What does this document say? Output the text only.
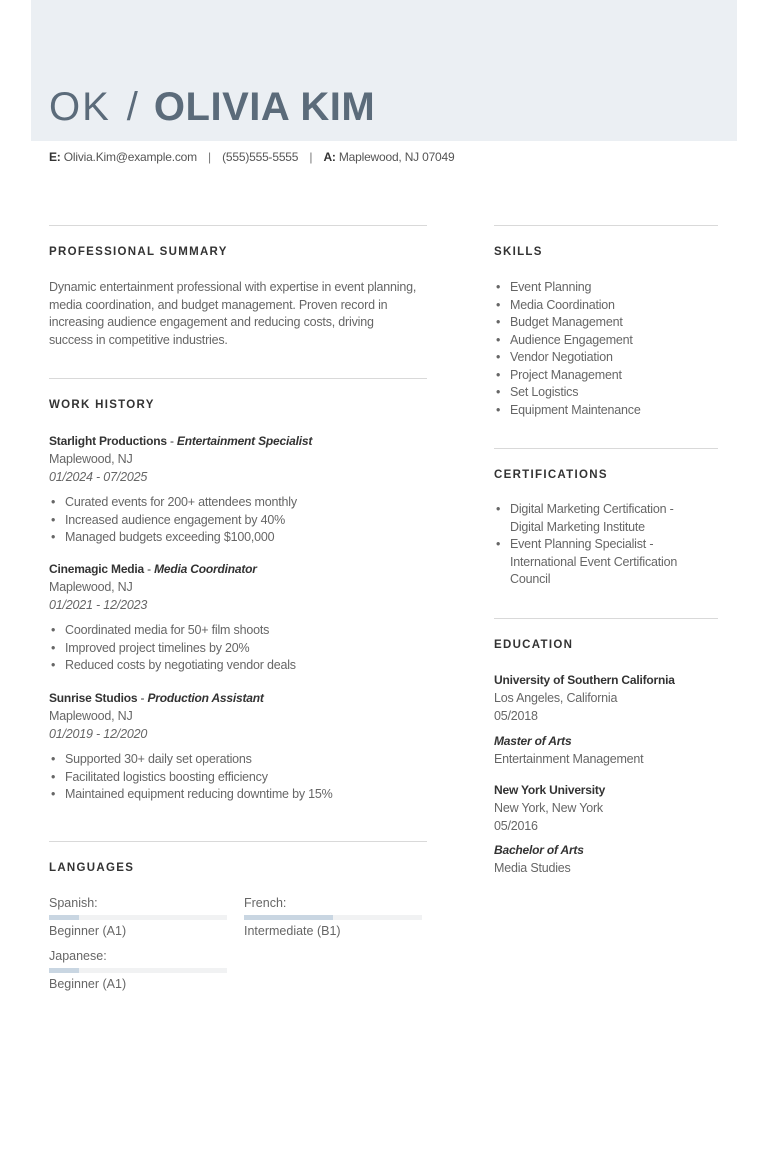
OK / OLIVIA KIM
E: Olivia.Kim@example.com | (555)555-5555 | A: Maplewood, NJ 07049
PROFESSIONAL SUMMARY
Dynamic entertainment professional with expertise in event planning, media coordination, and budget management. Proven record in increasing audience engagement and reducing costs, driving success in competitive industries.
WORK HISTORY
Starlight Productions - Entertainment Specialist
Maplewood, NJ
01/2024 - 07/2025
• Curated events for 200+ attendees monthly
• Increased audience engagement by 40%
• Managed budgets exceeding $100,000
Cinemagic Media - Media Coordinator
Maplewood, NJ
01/2021 - 12/2023
• Coordinated media for 50+ film shoots
• Improved project timelines by 20%
• Reduced costs by negotiating vendor deals
Sunrise Studios - Production Assistant
Maplewood, NJ
01/2019 - 12/2020
• Supported 30+ daily set operations
• Facilitated logistics boosting efficiency
• Maintained equipment reducing downtime by 15%
LANGUAGES
Spanish:
Beginner (A1)
French:
Intermediate (B1)
Japanese:
Beginner (A1)
SKILLS
• Event Planning
• Media Coordination
• Budget Management
• Audience Engagement
• Vendor Negotiation
• Project Management
• Set Logistics
• Equipment Maintenance
CERTIFICATIONS
• Digital Marketing Certification - Digital Marketing Institute
• Event Planning Specialist - International Event Certification Council
EDUCATION
University of Southern California
Los Angeles, California
05/2018
Master of Arts
Entertainment Management
New York University
New York, New York
05/2016
Bachelor of Arts
Media Studies
